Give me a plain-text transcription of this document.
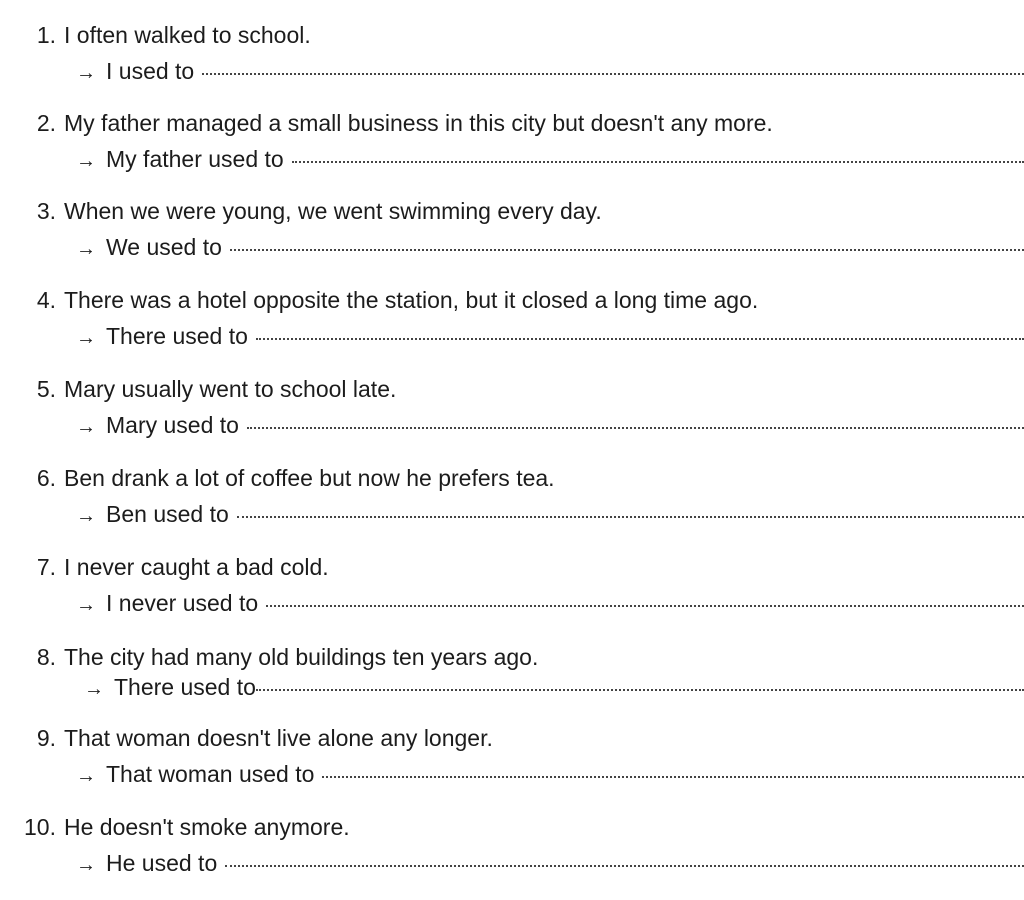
1. I often walked to school.
→ I used to
2. My father managed a small business in this city but doesn't any more.
→ My father used to
3. When we were young, we went swimming every day.
→ We used to
4. There was a hotel opposite the station, but it closed a long time ago.
→ There used to
5. Mary usually went to school late.
→ Mary used to
6. Ben drank a lot of coffee but now he prefers tea.
→ Ben used to
7. I never caught a bad cold.
→ I never used to
8. The city had many old buildings ten years ago.
→ There used to
9. That woman doesn't live alone any longer.
→ That woman used to
10. He doesn't smoke anymore.
→ He used to
